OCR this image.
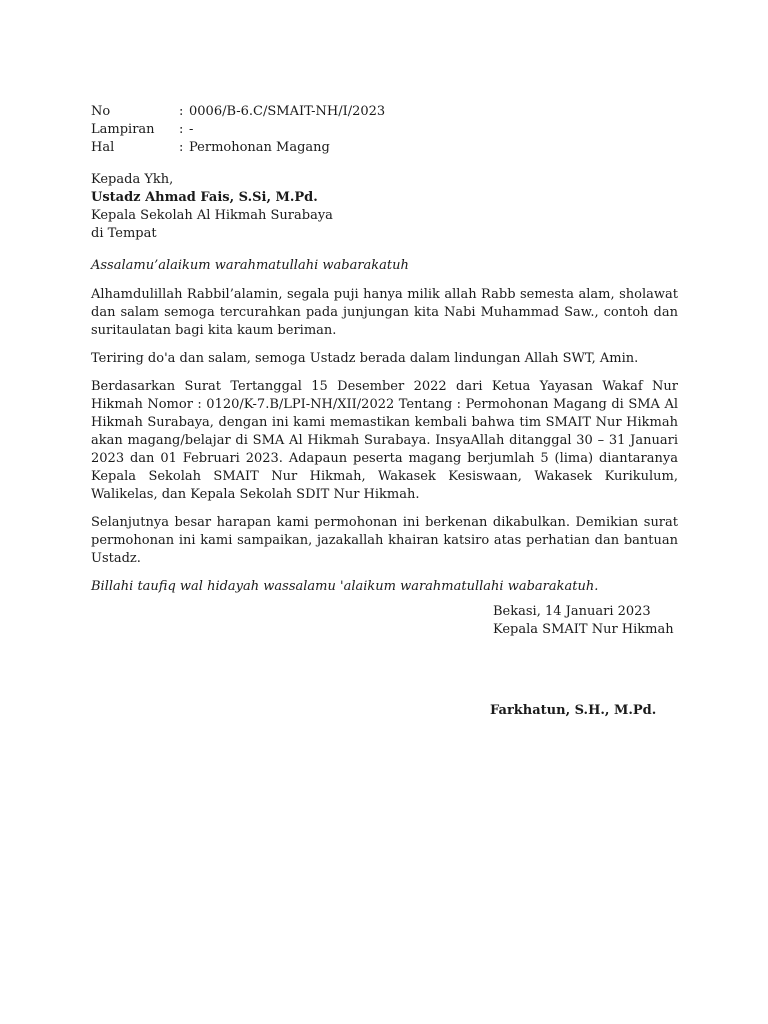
No	: 0006/B-6.C/SMAIT-NH/I/2023
Lampiran	: -
Hal	: Permohonan Magang
Kepada Ykh,
Ustadz Ahmad Fais, S.Si, M.Pd.
Kepala Sekolah Al Hikmah Surabaya
di Tempat
Assalamu’alaikum warahmatullahi wabarakatuh

Alhamdulillah Rabbil’alamin, segala puji hanya milik allah Rabb semesta alam, sholawat dan salam semoga tercurahkan pada junjungan kita Nabi Muhammad Saw., contoh dan suritaulatan bagi kita kaum beriman.

Teriring do'a dan salam, semoga Ustadz berada dalam lindungan Allah SWT, Amin.

Berdasarkan Surat Tertanggal 15 Desember 2022 dari Ketua Yayasan Wakaf Nur Hikmah Nomor : 0120/K-7.B/LPI-NH/XII/2022 Tentang : Permohonan Magang di SMA Al Hikmah Surabaya, dengan ini kami memastikan kembali bahwa tim SMAIT Nur Hikmah akan magang/belajar di SMA Al Hikmah Surabaya. InsyaAllah ditanggal 30 – 31 Januari 2023 dan 01 Februari 2023. Adapaun peserta magang berjumlah 5 (lima) diantaranya Kepala Sekolah SMAIT Nur Hikmah, Wakasek Kesiswaan, Wakasek Kurikulum, Walikelas, dan Kepala Sekolah SDIT Nur Hikmah.

Selanjutnya besar harapan kami permohonan ini berkenan dikabulkan. Demikian surat permohonan ini kami sampaikan, jazakallah khairan katsiro atas perhatian dan bantuan Ustadz.

Billahi taufiq wal hidayah wassalamu 'alaikum warahmatullahi wabarakatuh.

Bekasi, 14 Januari 2023
Kepala SMAIT Nur Hikmah
Farkhatun, S.H., M.Pd.
